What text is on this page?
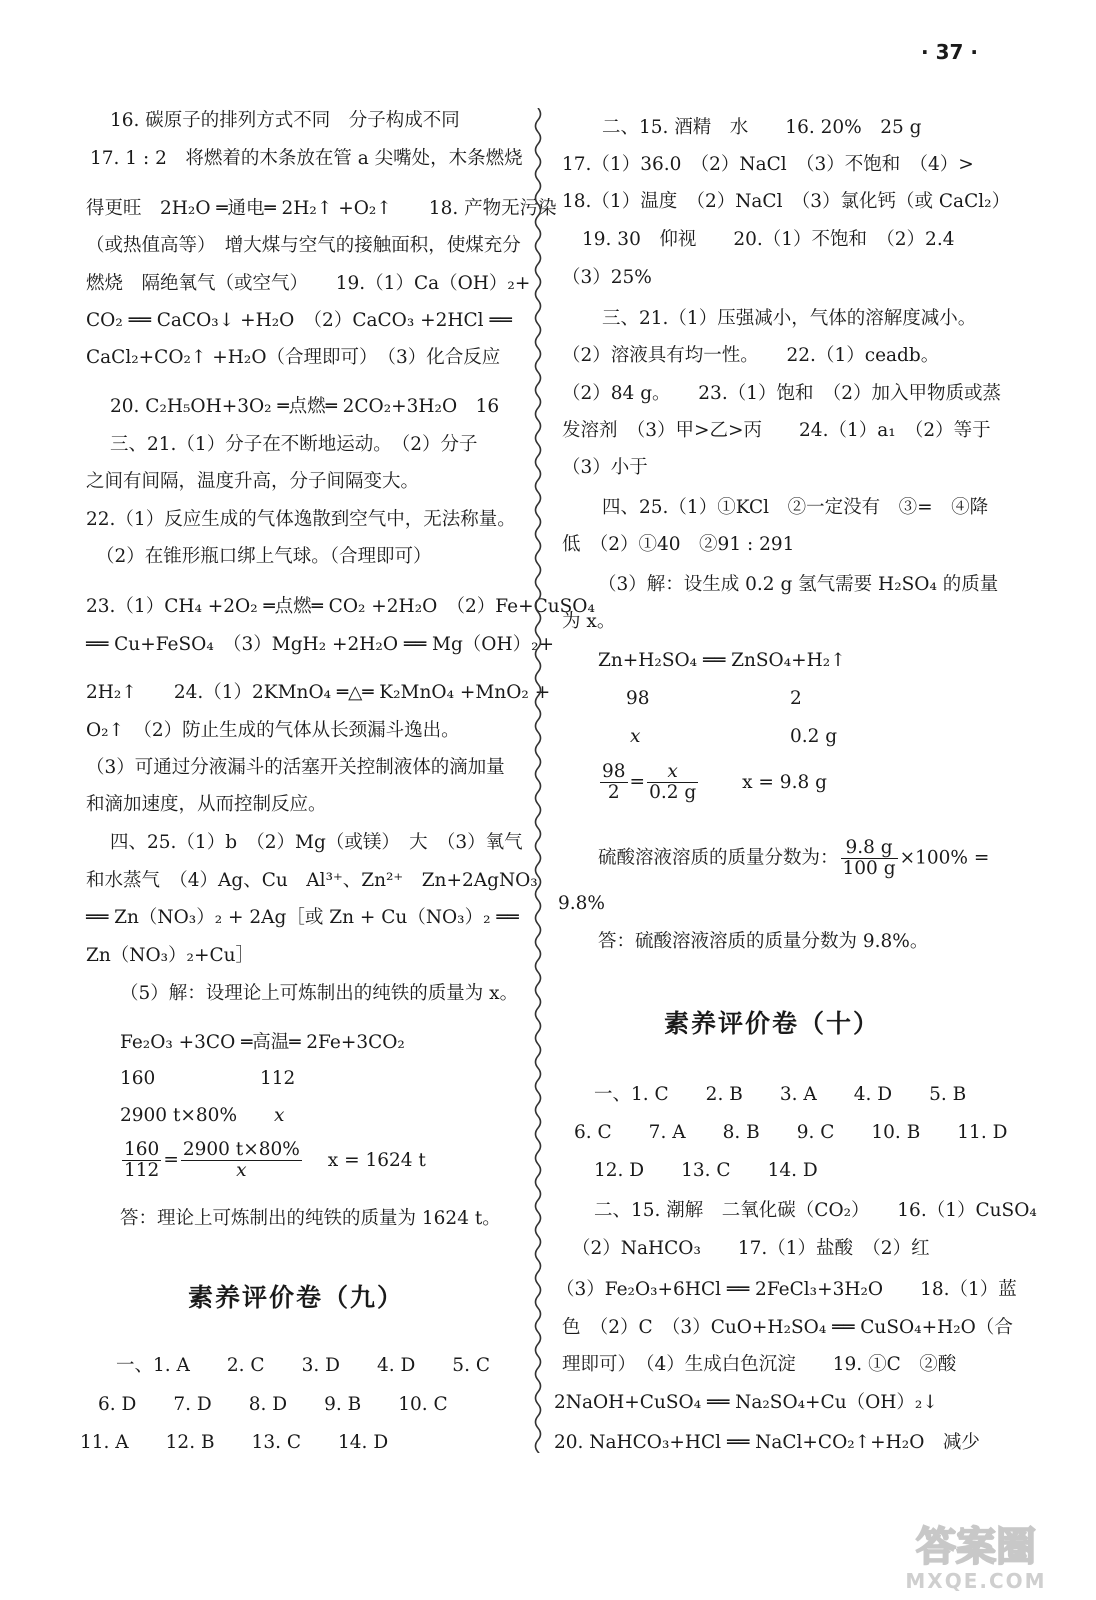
· 37 ·
16. 碳原子的排列方式不同　分子构成不同
17. 1 : 2　将燃着的木条放在管 a 尖嘴处，木条燃烧
得更旺　2H₂O ═通电═ 2H₂↑ +O₂↑　　18. 产物无污染
（或热值高等）　增大煤与空气的接触面积，使煤充分
燃烧　隔绝氧气（或空气）　　19.（1）Ca（OH）₂+
CO₂ ══ CaCO₃↓ +H₂O　（2）CaCO₃ +2HCl ══
CaCl₂+CO₂↑ +H₂O（合理即可）　（3）化合反应
20. C₂H₅OH+3O₂ ═点燃═ 2CO₂+3H₂O　16
三、21.（1）分子在不断地运动。　（2）分子
之间有间隔，温度升高，分子间隔变大。
22.（1）反应生成的气体逸散到空气中，无法称量。
（2）在锥形瓶口绑上气球。（合理即可）
23.（1）CH₄ +2O₂ ═点燃═ CO₂ +2H₂O　（2）Fe+CuSO₄
══ Cu+FeSO₄　（3）MgH₂ +2H₂O ══ Mg（OH）₂+
2H₂↑　　24.（1）2KMnO₄ ═△═ K₂MnO₄ +MnO₂ +
O₂↑　（2）防止生成的气体从长颈漏斗逸出。
（3）可通过分液漏斗的活塞开关控制液体的滴加量
和滴加速度，从而控制反应。
四、25.（1）b　（2）Mg（或镁）　大　（3）氧气
和水蒸气　（4）Ag、Cu　Al³⁺、Zn²⁺　Zn+2AgNO₃
══ Zn（NO₃）₂ + 2Ag［或 Zn + Cu（NO₃）₂ ══
Zn（NO₃）₂+Cu］
（5）解：设理论上可炼制出的纯铁的质量为 x。
Fe₂O₃ +3CO ═高温═ 2Fe+3CO₂
160	112
2900 t×80% x
$\frac{160}{112} = \frac{2900 t\times 80\%}{x}$ x = 1624 t
答：理论上可炼制出的纯铁的质量为 1624 t。
素养评价卷（九）
一、1. A　　2. C　　3. D　　4. D　　5. C
6. D　　7. D　　8. D　　9. B　　10. C
11. A　　12. B　　13. C　　14. D
二、15. 酒精　水　　16. 20%　25 g
17.（1）36.0　（2）NaCl　（3）不饱和　（4）>
18.（1）温度　（2）NaCl　（3）氯化钙（或 CaCl₂）
19. 30　仰视　　20.（1）不饱和　（2）2.4
（3）25%
三、21.（1）压强减小，气体的溶解度减小。
（2）溶液具有均一性。　　22.（1）ceadb。
（2）84 g。　　23.（1）饱和　（2）加入甲物质或蒸
发溶剂　（3）甲>乙>丙　　24.（1）a₁　（2）等于
（3）小于
四、25.（1）①KCl　②一定没有　③=　④降
低　（2）①40　②91 : 291
（3）解：设生成 0.2 g 氢气需要 H₂SO₄ 的质量
为 x。
Zn+H₂SO₄ ══ ZnSO₄+H₂↑
98	2
x	0.2 g
$\frac{98}{2} = \frac{x}{0.2 g}$ x = 9.8 g
硫酸溶液溶质的质量分数为： $\frac{9.8 g}{100 g} \times 100\%$ =
9.8%
答：硫酸溶液溶质的质量分数为 9.8%。
素养评价卷（十）
一、1. C　　2. B　　3. A　　4. D　　5. B
6. C　　7. A　　8. B　　9. C　　10. B　　11. D
12. D　　13. C　　14. D
二、15. 潮解　二氧化碳（CO₂）　　16.（1）CuSO₄
（2）NaHCO₃　　17.（1）盐酸　（2）红
（3）Fe₂O₃+6HCl ══ 2FeCl₃+3H₂O　　18.（1）蓝
色　（2）C　（3）CuO+H₂SO₄ ══ CuSO₄+H₂O（合
理即可）　（4）生成白色沉淀　　19. ①C　②酸
2NaOH+CuSO₄ ══ Na₂SO₄+Cu（OH）₂↓
20. NaHCO₃+HCl ══ NaCl+CO₂↑+H₂O　减少
答案圈
MXQE.COM
